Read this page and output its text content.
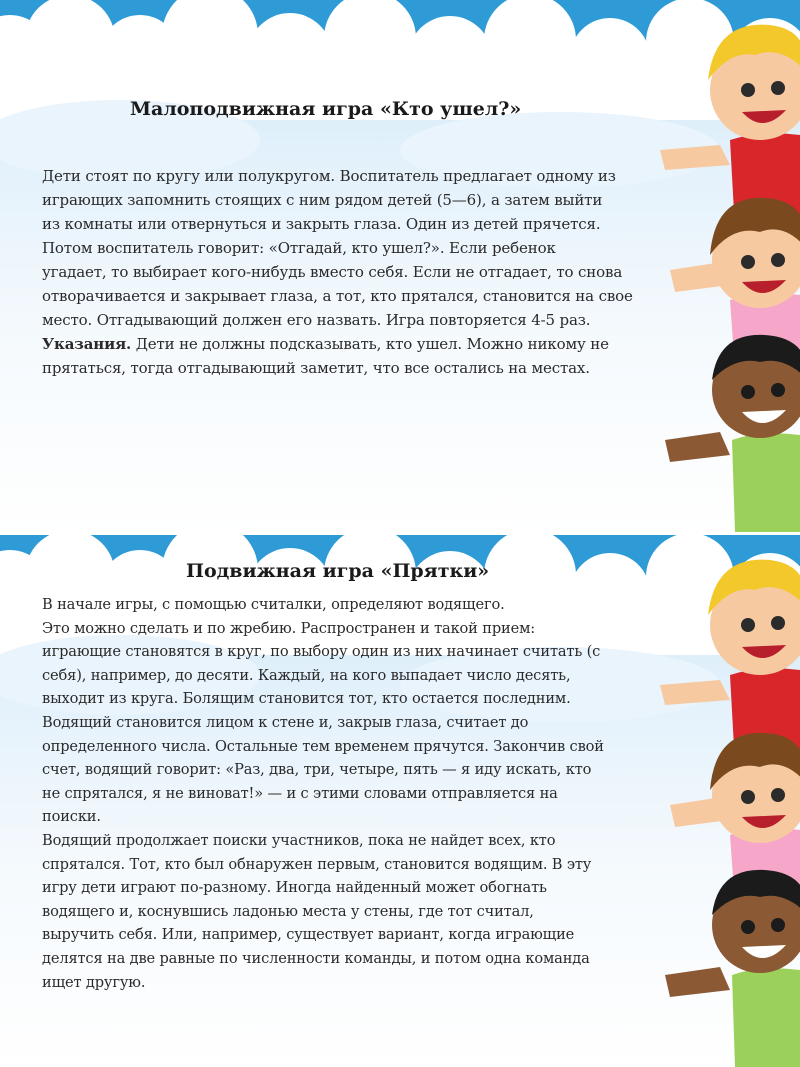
Малоподвижная игра «Кто ушел?»

Дети стоят по кругу или полукругом. Воспитатель предлагает одному из
играющих запомнить стоящих с ним рядом детей (5—6), а затем выйти
из комнаты или отвернуться и закрыть глаза. Один из детей прячется.
Потом воспитатель говорит: «Отгадай, кто ушел?». Если ребенок
угадает, то выбирает кого-нибудь вместо себя. Если не отгадает, то снова
отворачивается и закрывает глаза, а тот, кто прятался, становится на свое
место. Отгадывающий должен его назвать. Игра повторяется 4-5 раз.
Указания. Дети не должны подсказывать, кто ушел. Можно никому не
прятаться, тогда отгадывающий заметит, что все остались на местах.

Подвижная игра «Прятки»

В начале игры, с помощью считалки, определяют водящего.
Это можно сделать и по жребию. Распространен и такой прием:
играющие становятся в круг, по выбору один из них начинает считать (с
себя), например, до десяти. Каждый, на кого выпадает число десять,
выходит из круга. Болящим становится тот, кто остается последним.
Водящий становится лицом к стене и, закрыв глаза, считает до
определенного числа. Остальные тем временем прячутся. Закончив свой
счет, водящий говорит: «Раз, два, три, четыре, пять — я иду искать, кто
не спрятался, я не виноват!» — и с этими словами отправляется на
поиски.
Водящий продолжает поиски участников, пока не найдет всех, кто
спрятался. Тот, кто был обнаружен первым, становится водящим. В эту
игру дети играют по-разному. Иногда найденный может обогнать
водящего и, коснувшись ладонью места у стены, где тот считал,
выручить себя. Или, например, существует вариант, когда играющие
делятся на две равные по численности команды, и потом одна команда
ищет другую.
